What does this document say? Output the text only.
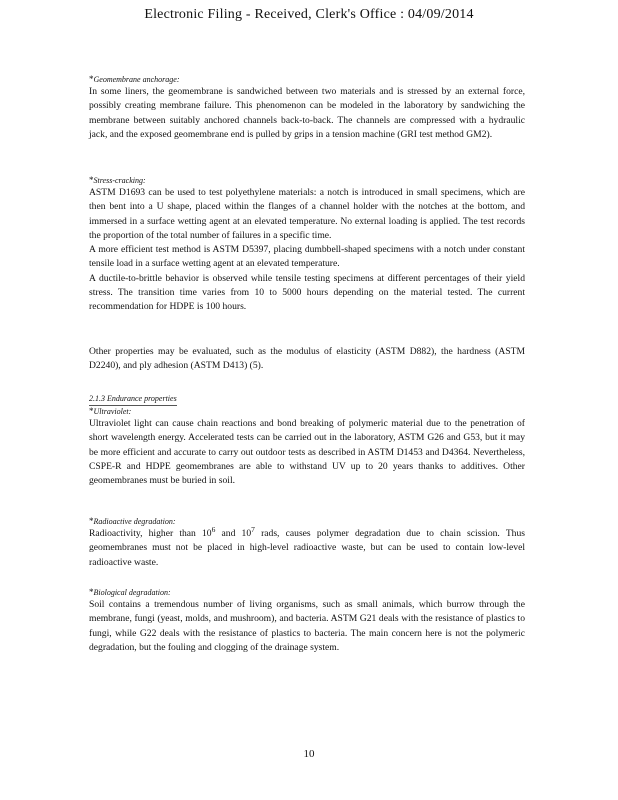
Electronic Filing - Received, Clerk's Office : 04/09/2014
*Geomembrane anchorage:

In some liners, the geomembrane is sandwiched between two materials and is stressed by an external force, possibly creating membrane failure. This phenomenon can be modeled in the laboratory by sandwiching the membrane between suitably anchored channels back-to-back. The channels are compressed with a hydraulic jack, and the exposed geomembrane end is pulled by grips in a tension machine (GRI test method GM2).

*Stress-cracking:

ASTM D1693 can be used to test polyethylene materials: a notch is introduced in small specimens, which are then bent into a U shape, placed within the flanges of a channel holder with the notches at the bottom, and immersed in a surface wetting agent at an elevated temperature. No external loading is applied. The test records the proportion of the total number of failures in a specific time.

A more efficient test method is ASTM D5397, placing dumbbell-shaped specimens with a notch under constant tensile load in a surface wetting agent at an elevated temperature.

A ductile-to-brittle behavior is observed while tensile testing specimens at different percentages of their yield stress. The transition time varies from 10 to 5000 hours depending on the material tested. The current recommendation for HDPE is 100 hours.

Other properties may be evaluated, such as the modulus of elasticity (ASTM D882), the hardness (ASTM D2240), and ply adhesion (ASTM D413) (5).

2.1.3 Endurance properties
*Ultraviolet:

Ultraviolet light can cause chain reactions and bond breaking of polymeric material due to the penetration of short wavelength energy. Accelerated tests can be carried out in the laboratory, ASTM G26 and G53, but it may be more efficient and accurate to carry out outdoor tests as described in ASTM D1453 and D4364. Nevertheless, CSPE-R and HDPE geomembranes are able to withstand UV up to 20 years thanks to additives. Other geomembranes must be buried in soil.

*Radioactive degradation:

Radioactivity, higher than $10^6$ and $10^7$ rads, causes polymer degradation due to chain scission. Thus geomembranes must not be placed in high-level radioactive waste, but can be used to contain low-level radioactive waste.

*Biological degradation:

Soil contains a tremendous number of living organisms, such as small animals, which burrow through the membrane, fungi (yeast, molds, and mushroom), and bacteria. ASTM G21 deals with the resistance of plastics to fungi, while G22 deals with the resistance of plastics to bacteria. The main concern here is not the polymeric degradation, but the fouling and clogging of the drainage system.

10
